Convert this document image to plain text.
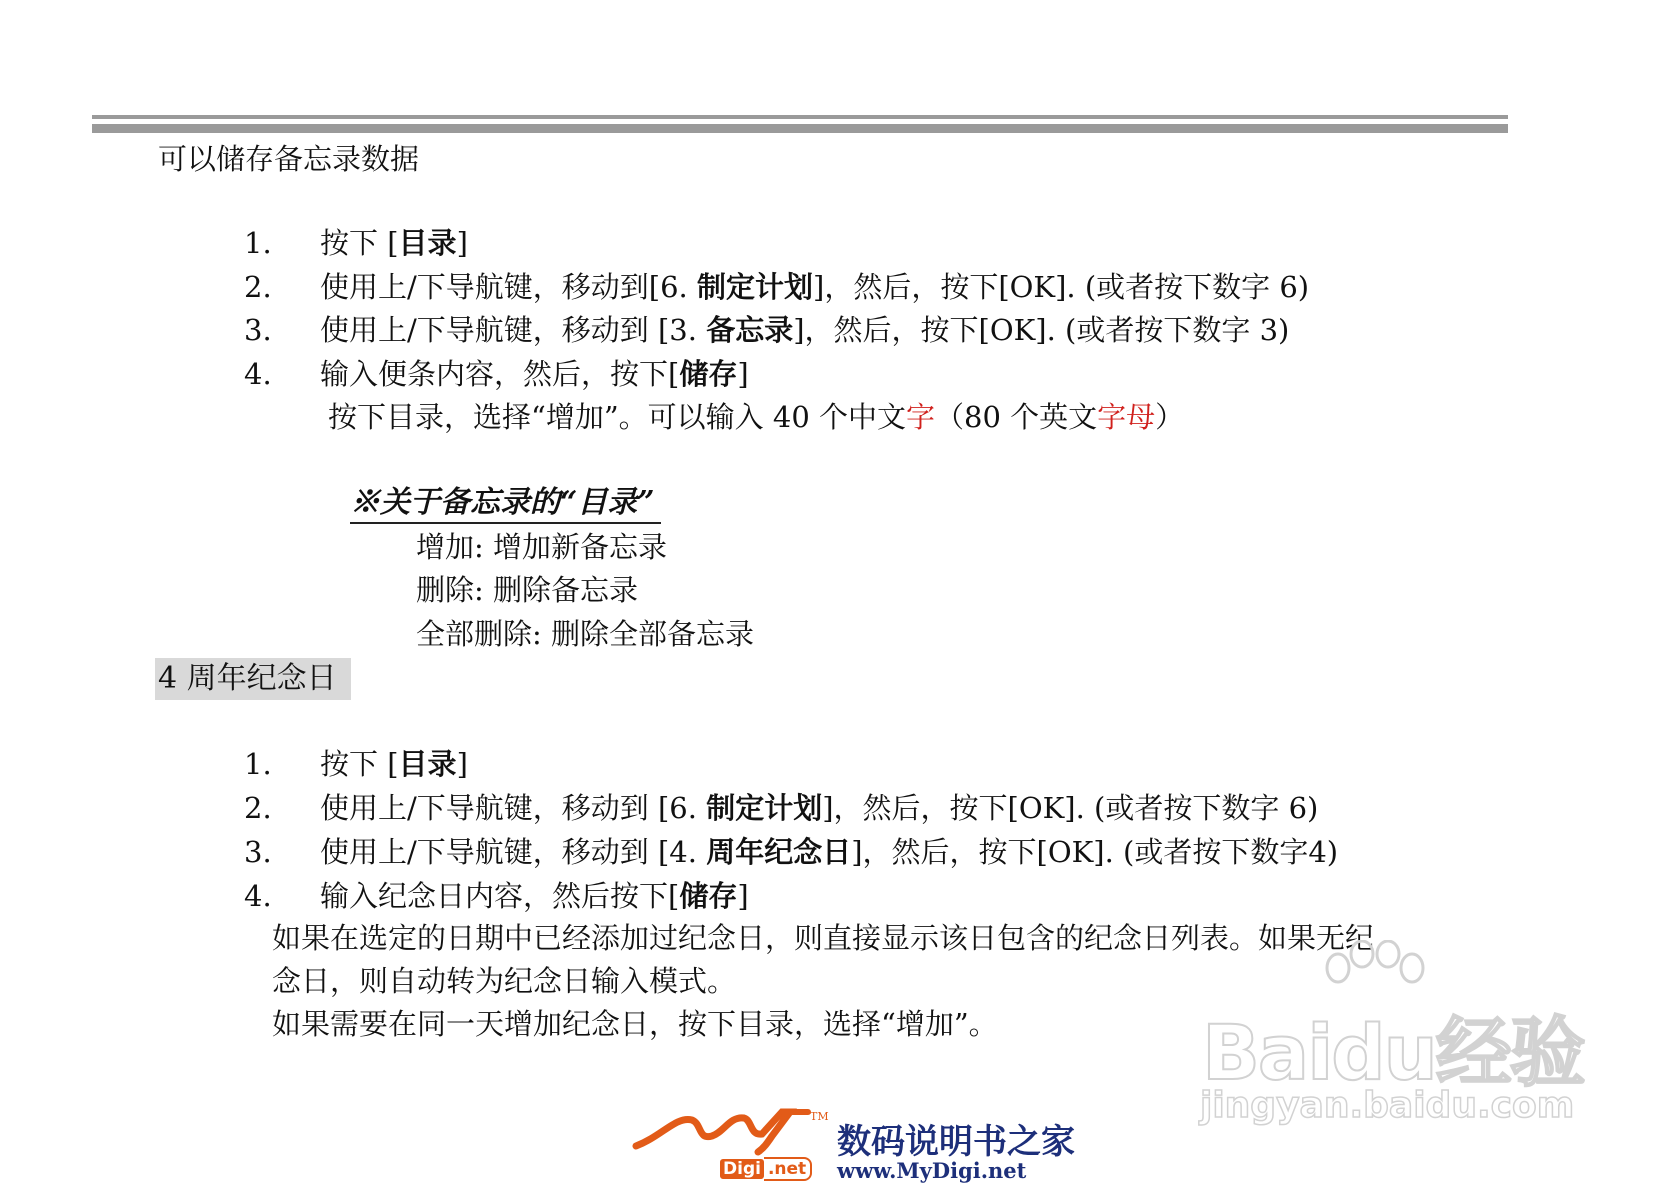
可以储存备忘录数据
1. 按下 [目录]
2. 使用上/下导航键，移动到[6. 制定计划]，然后，按下[OK]. (或者按下数字 6)
3. 使用上/下导航键，移动到 [3. 备忘录]，然后，按下[OK]. (或者按下数字 3)
4. 输入便条内容，然后，按下[储存]
按下目录，选择“增加”。可以输入 40 个中文字（80 个英文字母）
※关于备忘录的“目录”
增加: 增加新备忘录
删除: 删除备忘录
全部删除: 删除全部备忘录
4 周年纪念日
1. 按下 [目录]
2. 使用上/下导航键，移动到 [6. 制定计划]，然后，按下[OK]. (或者按下数字 6)
3. 使用上/下导航键，移动到 [4. 周年纪念日]，然后，按下[OK]. (或者按下数字4)
4. 输入纪念日内容，然后按下[储存]
如果在选定的日期中已经添加过纪念日，则直接显示该日包含的纪念日列表。如果无纪
念日，则自动转为纪念日输入模式。
如果需要在同一天增加纪念日，按下目录，选择“增加”。	Baidu经验
jingyan.baidu.com
TM
Digi .net
数码说明书之家
www.MyDigi.net
